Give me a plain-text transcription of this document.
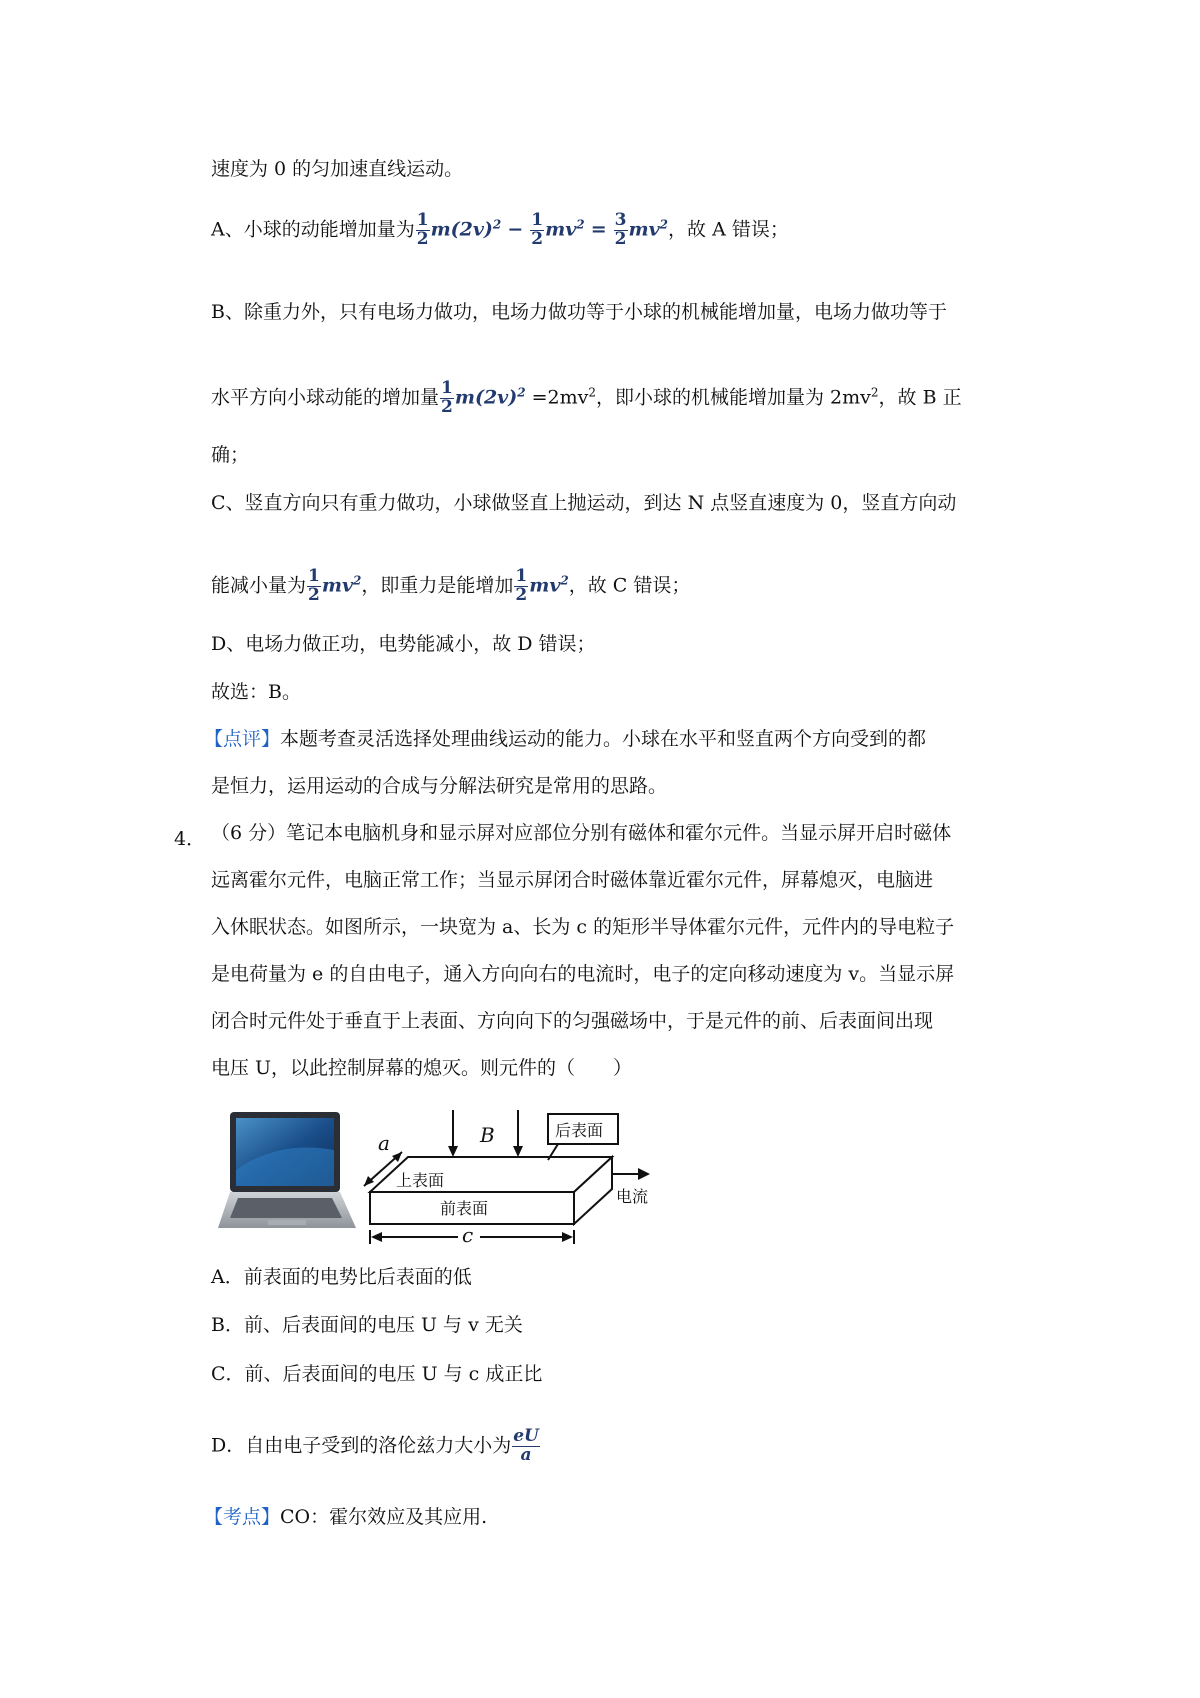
速度为 0 的匀加速直线运动。
A、小球的动能增加量为 $\frac{1}{2} m(2v)^2 - \frac{1}{2} mv^2 = \frac{3}{2} mv^2$，故 A 错误；
B、除重力外，只有电场力做功，电场力做功等于小球的机械能增加量，电场力做功等于
水平方向小球动能的增加量 $\frac{1}{2} m(2v)^2 =2mv^2$，即小球的机械能增加量为 $2mv^2$，故 B 正
确；
C、竖直方向只有重力做功，小球做竖直上抛运动，到达 N 点竖直速度为 0，竖直方向动
能减小量为 $\frac{1}{2} mv^2$，即重力是能增加 $\frac{1}{2} mv^2$，故 C 错误；
D、电场力做正功，电势能减小，故 D 错误；
故选：B。
【点评】本题考查灵活选择处理曲线运动的能力。小球在水平和竖直两个方向受到的都
是恒力，运用运动的合成与分解法研究是常用的思路。
4． （6 分）笔记本电脑机身和显示屏对应部位分别有磁体和霍尔元件。当显示屏开启时磁体
远离霍尔元件，电脑正常工作；当显示屏闭合时磁体靠近霍尔元件，屏幕熄灭，电脑进
入休眠状态。如图所示，一块宽为 a、长为 c 的矩形半导体霍尔元件，元件内的导电粒子
是电荷量为 e 的自由电子，通入方向向右的电流时，电子的定向移动速度为 v。当显示屏
闭合时元件处于垂直于上表面、方向向下的匀强磁场中，于是元件的前、后表面间出现
电压 U，以此控制屏幕的熄灭。则元件的（　　）
a	B	后表面
上表面
前表面
电流
c
A．前表面的电势比后表面的低
B．前、后表面间的电压 U 与 v 无关
C．前、后表面间的电压 U 与 c 成正比
D．自由电子受到的洛伦兹力大小为 $\frac{eU}{a}$
【考点】CO：霍尔效应及其应用.
